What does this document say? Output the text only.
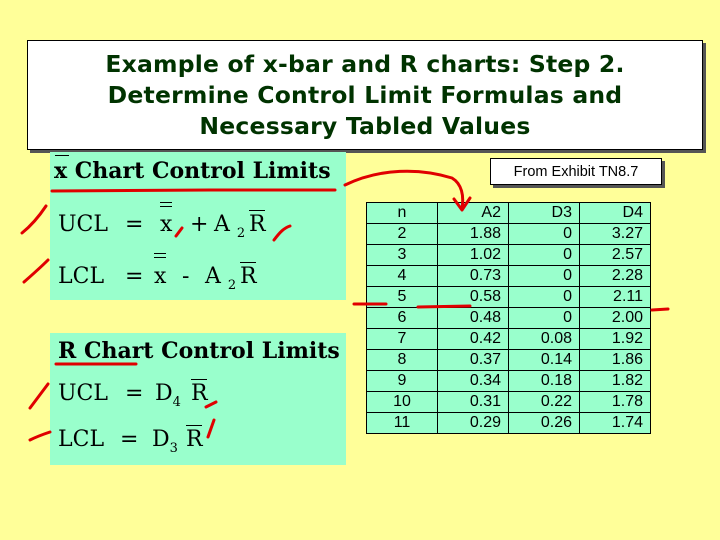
Example of x-bar and R charts: Step 2.
Determine Control Limit Formulas and
Necessary Tabled Values
x Chart Control Limits
UCL = x + A $_2$ R
LCL = x - A $_2$ R
R Chart Control Limits
UCL = $D_4$ R
LCL = $D_3$ R
From Exhibit TN8.7
n	A2	D3	D4
2	1.88	0	3.27
3	1.02	0	2.57
4	0.73	0	2.28
5	0.58	0	2.11
6	0.48	0	2.00
7	0.42	0.08	1.92
8	0.37	0.14	1.86
9	0.34	0.18	1.82
10	0.31	0.22	1.78
11	0.29	0.26	1.74
